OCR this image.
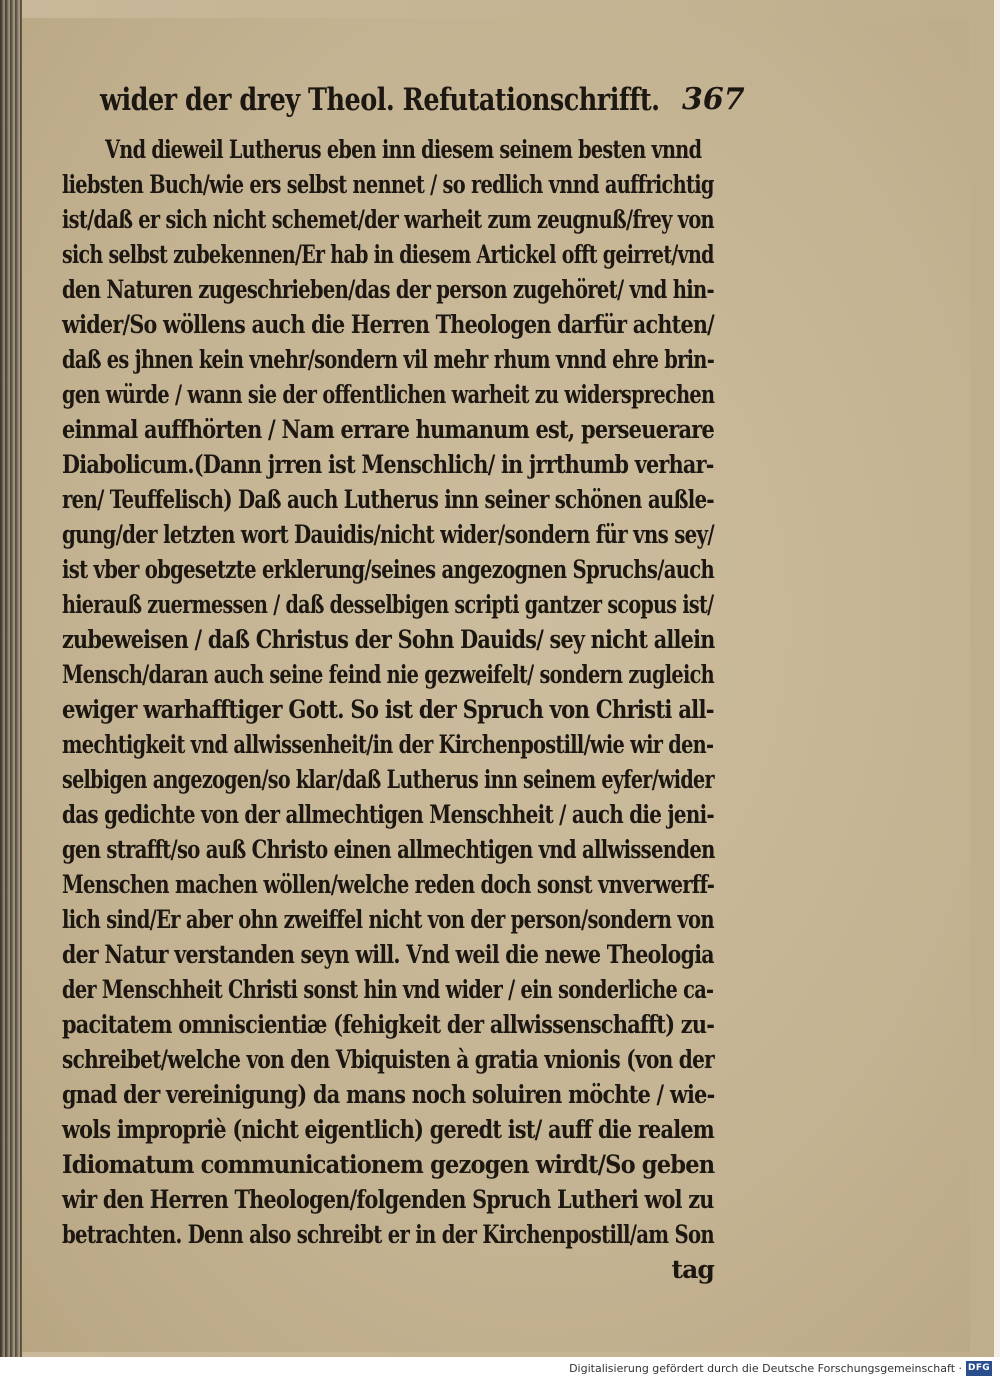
wider der drey Theol. Refutationschrifft. 367
Vnd dieweil Lutherus eben inn diesem seinem besten vnnd
liebsten Buch/wie ers selbst nennet / so redlich vnnd auffrichtig
ist/daß er sich nicht schemet/der warheit zum zeugnuß/frey von
sich selbst zubekennen/Er hab in diesem Artickel offt geirret/vnd
den Naturen zugeschrieben/das der person zugehöret/ vnd hin-
wider/So wöllens auch die Herren Theologen darfür achten/
daß es jhnen kein vnehr/sondern vil mehr rhum vnnd ehre brin-
gen würde / wann sie der offentlichen warheit zu widersprechen
einmal auffhörten / Nam errare humanum est, perseuerare
Diabolicum.(Dann jrren ist Menschlich/ in jrrthumb verhar-
ren/ Teuffelisch) Daß auch Lutherus inn seiner schönen außle-
gung/der letzten wort Dauidis/nicht wider/sondern für vns sey/
ist vber obgesetzte erklerung/seines angezognen Spruchs/auch
hierauß zuermessen / daß desselbigen scripti gantzer scopus ist/
zubeweisen / daß Christus der Sohn Dauids/ sey nicht allein
Mensch/daran auch seine feind nie gezweifelt/ sondern zugleich
ewiger warhafftiger Gott. So ist der Spruch von Christi all-
mechtigkeit vnd allwissenheit/in der Kirchenpostill/wie wir den-
selbigen angezogen/so klar/daß Lutherus inn seinem eyfer/wider
das gedichte von der allmechtigen Menschheit / auch die jeni-
gen strafft/so auß Christo einen allmechtigen vnd allwissenden
Menschen machen wöllen/welche reden doch sonst vnverwerff-
lich sind/Er aber ohn zweiffel nicht von der person/sondern von
der Natur verstanden seyn will. Vnd weil die newe Theologia
der Menschheit Christi sonst hin vnd wider / ein sonderliche ca-
pacitatem omniscientiæ (fehigkeit der allwissenschafft) zu-
schreibet/welche von den Vbiquisten à gratia vnionis (von der
gnad der vereinigung) da mans noch soluiren möchte / wie-
wols impropriè (nicht eigentlich) geredt ist/ auff die realem
Idiomatum communicationem gezogen wirdt/So geben
wir den Herren Theologen/folgenden Spruch Lutheri wol zu
betrachten. Denn also schreibt er in der Kirchenpostill/am Son
tag
Digitalisierung gefördert durch die Deutsche Forschungsgemeinschaft · DFG
